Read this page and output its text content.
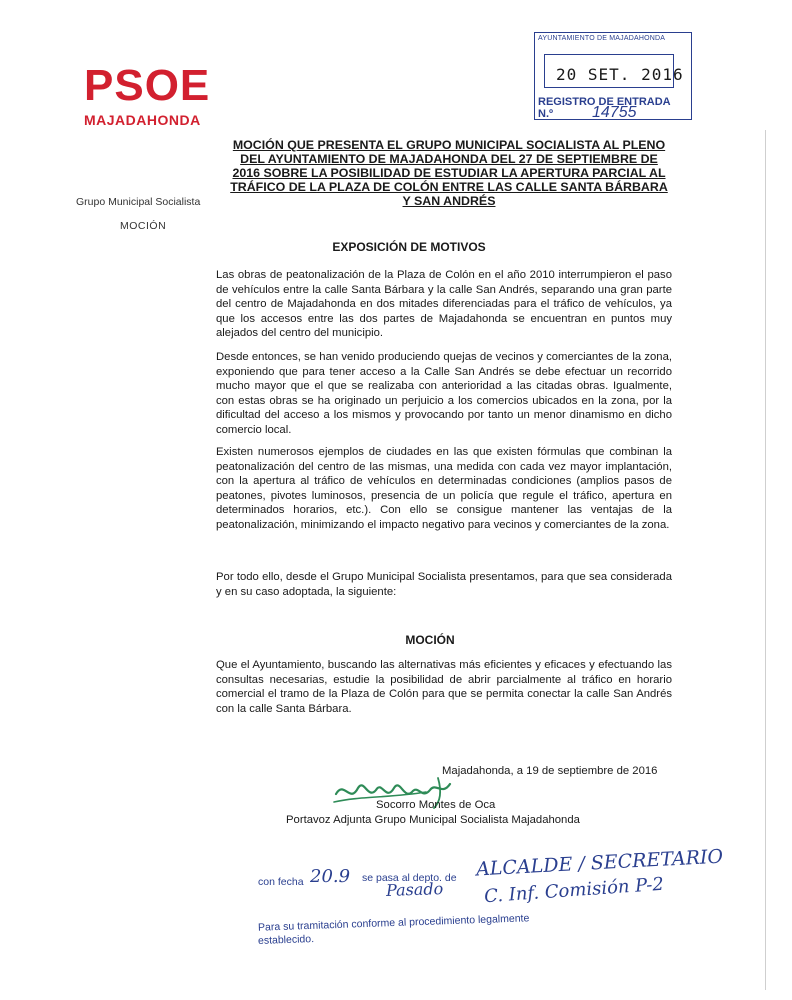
PSOE
MAJADAHONDA
AYUNTAMIENTO DE MAJADAHONDA
20 SET. 2016
REGISTRO DE ENTRADA
N.º 14755
Grupo Municipal Socialista
MOCIÓN
MOCIÓN QUE PRESENTA EL GRUPO MUNICIPAL SOCIALISTA AL PLENO DEL AYUNTAMIENTO DE MAJADAHONDA DEL 27 DE SEPTIEMBRE DE 2016 SOBRE LA POSIBILIDAD DE ESTUDIAR LA APERTURA PARCIAL AL TRÁFICO DE LA PLAZA DE COLÓN ENTRE LAS CALLE SANTA BÁRBARA Y SAN ANDRÉS
EXPOSICIÓN DE MOTIVOS
Las obras de peatonalización de la Plaza de Colón en el año 2010 interrumpieron el paso de vehículos entre la calle Santa Bárbara y la calle San Andrés, separando una gran parte del centro de Majadahonda en dos mitades diferenciadas para el tráfico de vehículos, ya que los accesos entre las dos partes de Majadahonda se encuentran en puntos muy alejados del centro del municipio.
Desde entonces, se han venido produciendo quejas de vecinos y comerciantes de la zona, exponiendo que para tener acceso a la Calle San Andrés se debe efectuar un recorrido mucho mayor que el que se realizaba con anterioridad a las citadas obras. Igualmente, con estas obras se ha originado un perjuicio a los comercios ubicados en la zona, por la dificultad del acceso a los mismos y provocando por tanto un menor dinamismo en dicho comercio local.
Existen numerosos ejemplos de ciudades en las que existen fórmulas que combinan la peatonalización del centro de las mismas, una medida con cada vez mayor implantación, con la apertura al tráfico de vehículos en determinadas condiciones (amplios pasos de peatones, pivotes luminosos, presencia de un policía que regule el tráfico, apertura en determinados horarios, etc.). Con ello se consigue mantener las ventajas de la peatonalización, minimizando el impacto negativo para vecinos y comerciantes de la zona.
Por todo ello, desde el Grupo Municipal Socialista presentamos, para que sea considerada y en su caso adoptada, la siguiente:
MOCIÓN
Que el Ayuntamiento, buscando las alternativas más eficientes y eficaces y efectuando las consultas necesarias, estudie la posibilidad de abrir parcialmente al tráfico en horario comercial el tramo de la Plaza de Colón para que se permita conectar la calle San Andrés con la calle Santa Bárbara.
Majadahonda, a 19 de septiembre de 2016
Socorro Montes de Oca
Portavoz Adjunta Grupo Municipal Socialista Majadahonda
con fecha 20.9 se pasa al depto. de ALCALDE / SECRETARIO
Pasado C. Inf. Comisión P-2
Para su tramitación conforme al procedimiento legalmente
establecido.
